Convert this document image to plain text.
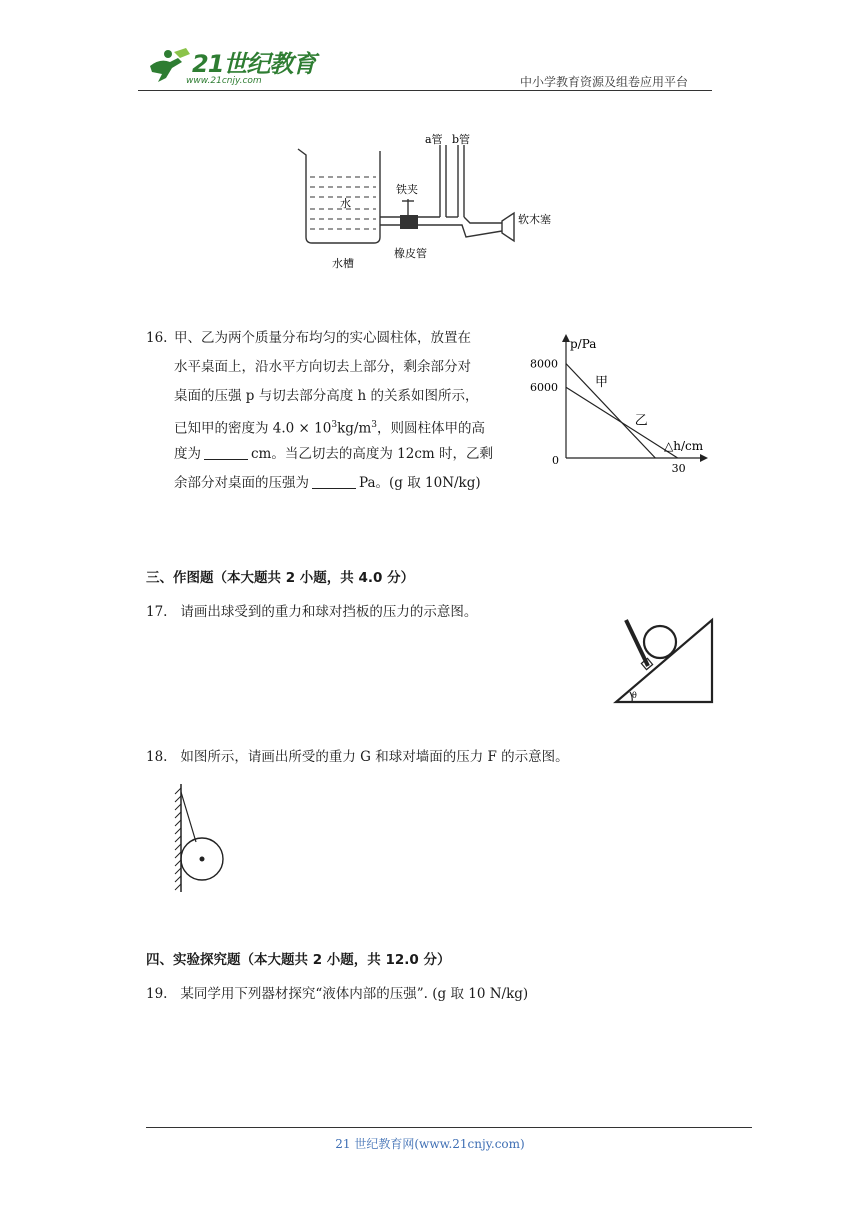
21世纪教育
www.21cnjy.com	中小学教育资源及组卷应用平台
a管 b管
水
铁夹
软木塞
水槽
橡皮管
16. 甲、乙为两个质量分布均匀的实心圆柱体，放置在
水平桌面上，沿水平方向切去上部分，剩余部分对
桌面的压强 p 与切去部分高度 h 的关系如图所示，
已知甲的密度为 $4.0 \times 10^3kg/m^3$，则圆柱体甲的高
度为	cm。当乙切去的高度为 12cm 时，乙剩
余部分对桌面的压强为	Pa。(g 取 10N/kg)
甲
乙
8000
6000
30
p/Pa
△h/cm
0
三、作图题（本大题共 2 小题，共 4.0 分）
17. 请画出球受到的重力和球对挡板的压力的示意图。
θ
18. 如图所示，请画出所受的重力 G 和球对墙面的压力 F 的示意图。
四、实验探究题（本大题共 2 小题，共 12.0 分）
19. 某同学用下列器材探究“液体内部的压强”. (g 取 10 N/kg)
21 世纪教育网(www.21cnjy.com)
